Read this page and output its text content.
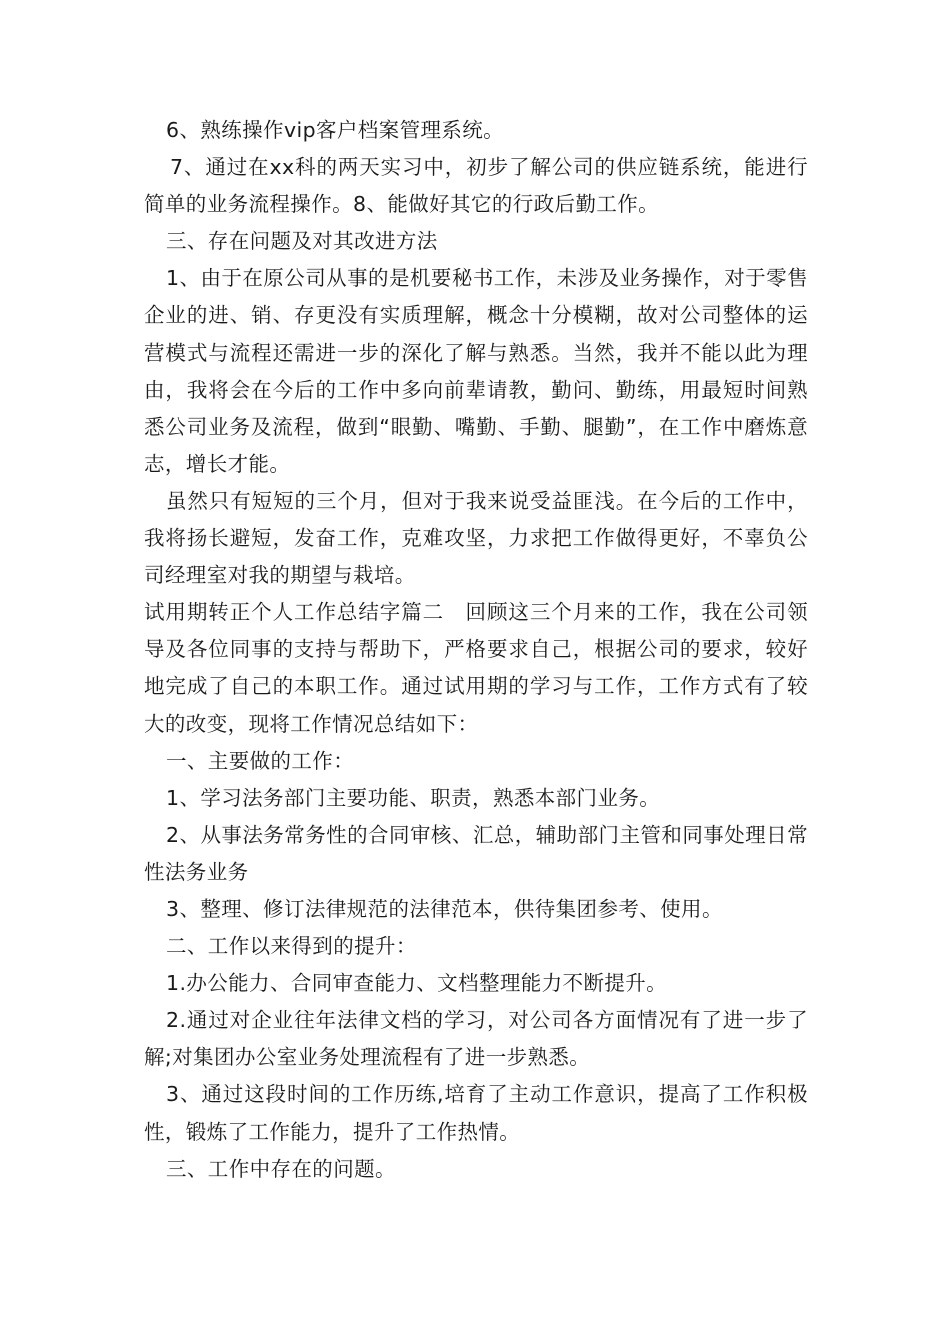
6、熟练操作vip客户档案管理系统。

7、通过在xx科的两天实习中，初步了解公司的供应链系统，能进行简单的业务流程操作。8、能做好其它的行政后勤工作。

三、存在问题及对其改进方法

1、由于在原公司从事的是机要秘书工作，未涉及业务操作，对于零售企业的进、销、存更没有实质理解，概念十分模糊，故对公司整体的运营模式与流程还需进一步的深化了解与熟悉。当然，我并不能以此为理由，我将会在今后的工作中多向前辈请教，勤问、勤练，用最短时间熟悉公司业务及流程，做到“眼勤、嘴勤、手勤、腿勤”，在工作中磨炼意志，增长才能。

虽然只有短短的三个月，但对于我来说受益匪浅。在今后的工作中，我将扬长避短，发奋工作，克难攻坚，力求把工作做得更好，不辜负公司经理室对我的期望与栽培。

试用期转正个人工作总结字篇二　回顾这三个月来的工作，我在公司领导及各位同事的支持与帮助下，严格要求自己，根据公司的要求，较好地完成了自己的本职工作。通过试用期的学习与工作，工作方式有了较大的改变，现将工作情况总结如下：

一、主要做的工作：

1、学习法务部门主要功能、职责，熟悉本部门业务。

2、从事法务常务性的合同审核、汇总，辅助部门主管和同事处理日常性法务业务

3、整理、修订法律规范的法律范本，供待集团参考、使用。

二、工作以来得到的提升：

1.办公能力、合同审查能力、文档整理能力不断提升。

2.通过对企业往年法律文档的学习，对公司各方面情况有了进一步了解;对集团办公室业务处理流程有了进一步熟悉。

3、通过这段时间的工作历练,培育了主动工作意识，提高了工作积极性，锻炼了工作能力，提升了工作热情。

三、工作中存在的问题。
